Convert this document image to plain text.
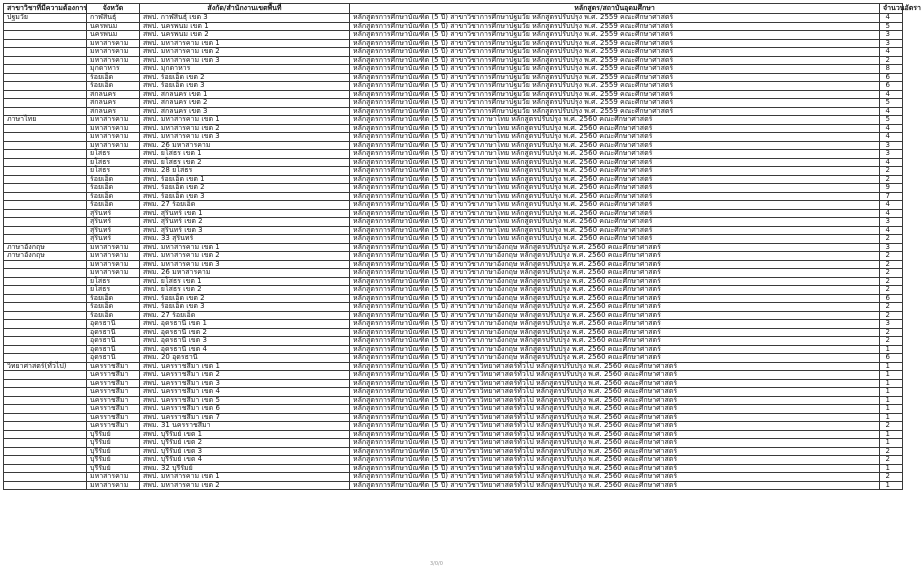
สาขาวิชาที่มีความต้องการ	จังหวัด	สังกัด/สำนักงานเขตพื้นที่	หลักสูตร/สถาบันอุดมศึกษา	จำนวนอัตรา
ปฐมวัย	กาฬสินธุ์	สพป. กาฬสินธุ์ เขต 3	หลักสูตรการศึกษาบัณฑิต (5 ปี) สาขาวิชาการศึกษาปฐมวัย หลักสูตรปรับปรุง พ.ศ. 2559 คณะศึกษาศาสตร์	4
	นครพนม	สพป. นครพนม เขต 1	หลักสูตรการศึกษาบัณฑิต (5 ปี) สาขาวิชาการศึกษาปฐมวัย หลักสูตรปรับปรุง พ.ศ. 2559 คณะศึกษาศาสตร์	5
	นครพนม	สพป. นครพนม เขต 2	หลักสูตรการศึกษาบัณฑิต (5 ปี) สาขาวิชาการศึกษาปฐมวัย หลักสูตรปรับปรุง พ.ศ. 2559 คณะศึกษาศาสตร์	3
	มหาสารคาม	สพป. มหาสารคาม เขต 1	หลักสูตรการศึกษาบัณฑิต (5 ปี) สาขาวิชาการศึกษาปฐมวัย หลักสูตรปรับปรุง พ.ศ. 2559 คณะศึกษาศาสตร์	3
	มหาสารคาม	สพป. มหาสารคาม เขต 2	หลักสูตรการศึกษาบัณฑิต (5 ปี) สาขาวิชาการศึกษาปฐมวัย หลักสูตรปรับปรุง พ.ศ. 2559 คณะศึกษาศาสตร์	4
	มหาสารคาม	สพป. มหาสารคาม เขต 3	หลักสูตรการศึกษาบัณฑิต (5 ปี) สาขาวิชาการศึกษาปฐมวัย หลักสูตรปรับปรุง พ.ศ. 2559 คณะศึกษาศาสตร์	2
	มุกดาหาร	สพป. มุกดาหาร	หลักสูตรการศึกษาบัณฑิต (5 ปี) สาขาวิชาการศึกษาปฐมวัย หลักสูตรปรับปรุง พ.ศ. 2559 คณะศึกษาศาสตร์	8
	ร้อยเอ็ด	สพป. ร้อยเอ็ด เขต 2	หลักสูตรการศึกษาบัณฑิต (5 ปี) สาขาวิชาการศึกษาปฐมวัย หลักสูตรปรับปรุง พ.ศ. 2559 คณะศึกษาศาสตร์	6
	ร้อยเอ็ด	สพป. ร้อยเอ็ด เขต 3	หลักสูตรการศึกษาบัณฑิต (5 ปี) สาขาวิชาการศึกษาปฐมวัย หลักสูตรปรับปรุง พ.ศ. 2559 คณะศึกษาศาสตร์	6
	สกลนคร	สพป. สกลนคร เขต 1	หลักสูตรการศึกษาบัณฑิต (5 ปี) สาขาวิชาการศึกษาปฐมวัย หลักสูตรปรับปรุง พ.ศ. 2559 คณะศึกษาศาสตร์	4
	สกลนคร	สพป. สกลนคร เขต 2	หลักสูตรการศึกษาบัณฑิต (5 ปี) สาขาวิชาการศึกษาปฐมวัย หลักสูตรปรับปรุง พ.ศ. 2559 คณะศึกษาศาสตร์	5
	สกลนคร	สพป. สกลนคร เขต 3	หลักสูตรการศึกษาบัณฑิต (5 ปี) สาขาวิชาการศึกษาปฐมวัย หลักสูตรปรับปรุง พ.ศ. 2559 คณะศึกษาศาสตร์	4
ภาษาไทย	มหาสารคาม	สพป. มหาสารคาม เขต 1	หลักสูตรการศึกษาบัณฑิต (5 ปี) สาขาวิชาภาษาไทย หลักสูตรปรับปรุง พ.ศ. 2560 คณะศึกษาศาสตร์	5
	มหาสารคาม	สพป. มหาสารคาม เขต 2	หลักสูตรการศึกษาบัณฑิต (5 ปี) สาขาวิชาภาษาไทย หลักสูตรปรับปรุง พ.ศ. 2560 คณะศึกษาศาสตร์	4
	มหาสารคาม	สพป. มหาสารคาม เขต 3	หลักสูตรการศึกษาบัณฑิต (5 ปี) สาขาวิชาภาษาไทย หลักสูตรปรับปรุง พ.ศ. 2560 คณะศึกษาศาสตร์	4
	มหาสารคาม	สพม. 26 มหาสารคาม	หลักสูตรการศึกษาบัณฑิต (5 ปี) สาขาวิชาภาษาไทย หลักสูตรปรับปรุง พ.ศ. 2560 คณะศึกษาศาสตร์	3
	ยโสธร	สพป. ยโสธร เขต 1	หลักสูตรการศึกษาบัณฑิต (5 ปี) สาขาวิชาภาษาไทย หลักสูตรปรับปรุง พ.ศ. 2560 คณะศึกษาศาสตร์	3
	ยโสธร	สพป. ยโสธร เขต 2	หลักสูตรการศึกษาบัณฑิต (5 ปี) สาขาวิชาภาษาไทย หลักสูตรปรับปรุง พ.ศ. 2560 คณะศึกษาศาสตร์	4
	ยโสธร	สพม. 28 ยโสธร	หลักสูตรการศึกษาบัณฑิต (5 ปี) สาขาวิชาภาษาไทย หลักสูตรปรับปรุง พ.ศ. 2560 คณะศึกษาศาสตร์	2
	ร้อยเอ็ด	สพป. ร้อยเอ็ด เขต 1	หลักสูตรการศึกษาบัณฑิต (5 ปี) สาขาวิชาภาษาไทย หลักสูตรปรับปรุง พ.ศ. 2560 คณะศึกษาศาสตร์	2
	ร้อยเอ็ด	สพป. ร้อยเอ็ด เขต 2	หลักสูตรการศึกษาบัณฑิต (5 ปี) สาขาวิชาภาษาไทย หลักสูตรปรับปรุง พ.ศ. 2560 คณะศึกษาศาสตร์	9
	ร้อยเอ็ด	สพป. ร้อยเอ็ด เขต 3	หลักสูตรการศึกษาบัณฑิต (5 ปี) สาขาวิชาภาษาไทย หลักสูตรปรับปรุง พ.ศ. 2560 คณะศึกษาศาสตร์	7
	ร้อยเอ็ด	สพม. 27 ร้อยเอ็ด	หลักสูตรการศึกษาบัณฑิต (5 ปี) สาขาวิชาภาษาไทย หลักสูตรปรับปรุง พ.ศ. 2560 คณะศึกษาศาสตร์	4
	สุรินทร์	สพป. สุรินทร์ เขต 1	หลักสูตรการศึกษาบัณฑิต (5 ปี) สาขาวิชาภาษาไทย หลักสูตรปรับปรุง พ.ศ. 2560 คณะศึกษาศาสตร์	4
	สุรินทร์	สพป. สุรินทร์ เขต 2	หลักสูตรการศึกษาบัณฑิต (5 ปี) สาขาวิชาภาษาไทย หลักสูตรปรับปรุง พ.ศ. 2560 คณะศึกษาศาสตร์	3
	สุรินทร์	สพป. สุรินทร์ เขต 3	หลักสูตรการศึกษาบัณฑิต (5 ปี) สาขาวิชาภาษาไทย หลักสูตรปรับปรุง พ.ศ. 2560 คณะศึกษาศาสตร์	4
	สุรินทร์	สพม. 33 สุรินทร์	หลักสูตรการศึกษาบัณฑิต (5 ปี) สาขาวิชาภาษาไทย หลักสูตรปรับปรุง พ.ศ. 2560 คณะศึกษาศาสตร์	2
ภาษาอังกฤษ	มหาสารคาม	สพป. มหาสารคาม เขต 1	หลักสูตรการศึกษาบัณฑิต (5 ปี) สาขาวิชาภาษาอังกฤษ หลักสูตรปรับปรุง พ.ศ. 2560 คณะศึกษาศาสตร์	3
ภาษาอังกฤษ	มหาสารคาม	สพป. มหาสารคาม เขต 2	หลักสูตรการศึกษาบัณฑิต (5 ปี) สาขาวิชาภาษาอังกฤษ หลักสูตรปรับปรุง พ.ศ. 2560 คณะศึกษาศาสตร์	2
	มหาสารคาม	สพป. มหาสารคาม เขต 3	หลักสูตรการศึกษาบัณฑิต (5 ปี) สาขาวิชาภาษาอังกฤษ หลักสูตรปรับปรุง พ.ศ. 2560 คณะศึกษาศาสตร์	2
	มหาสารคาม	สพม. 26 มหาสารคาม	หลักสูตรการศึกษาบัณฑิต (5 ปี) สาขาวิชาภาษาอังกฤษ หลักสูตรปรับปรุง พ.ศ. 2560 คณะศึกษาศาสตร์	2
	ยโสธร	สพป. ยโสธร เขต 1	หลักสูตรการศึกษาบัณฑิต (5 ปี) สาขาวิชาภาษาอังกฤษ หลักสูตรปรับปรุง พ.ศ. 2560 คณะศึกษาศาสตร์	2
	ยโสธร	สพป. ยโสธร เขต 2	หลักสูตรการศึกษาบัณฑิต (5 ปี) สาขาวิชาภาษาอังกฤษ หลักสูตรปรับปรุง พ.ศ. 2560 คณะศึกษาศาสตร์	2
	ร้อยเอ็ด	สพป. ร้อยเอ็ด เขต 2	หลักสูตรการศึกษาบัณฑิต (5 ปี) สาขาวิชาภาษาอังกฤษ หลักสูตรปรับปรุง พ.ศ. 2560 คณะศึกษาศาสตร์	6
	ร้อยเอ็ด	สพป. ร้อยเอ็ด เขต 3	หลักสูตรการศึกษาบัณฑิต (5 ปี) สาขาวิชาภาษาอังกฤษ หลักสูตรปรับปรุง พ.ศ. 2560 คณะศึกษาศาสตร์	2
	ร้อยเอ็ด	สพม. 27 ร้อยเอ็ด	หลักสูตรการศึกษาบัณฑิต (5 ปี) สาขาวิชาภาษาอังกฤษ หลักสูตรปรับปรุง พ.ศ. 2560 คณะศึกษาศาสตร์	2
	อุดรธานี	สพป. อุดรธานี เขต 1	หลักสูตรการศึกษาบัณฑิต (5 ปี) สาขาวิชาภาษาอังกฤษ หลักสูตรปรับปรุง พ.ศ. 2560 คณะศึกษาศาสตร์	3
	อุดรธานี	สพป. อุดรธานี เขต 2	หลักสูตรการศึกษาบัณฑิต (5 ปี) สาขาวิชาภาษาอังกฤษ หลักสูตรปรับปรุง พ.ศ. 2560 คณะศึกษาศาสตร์	2
	อุดรธานี	สพป. อุดรธานี เขต 3	หลักสูตรการศึกษาบัณฑิต (5 ปี) สาขาวิชาภาษาอังกฤษ หลักสูตรปรับปรุง พ.ศ. 2560 คณะศึกษาศาสตร์	2
	อุดรธานี	สพป. อุดรธานี เขต 4	หลักสูตรการศึกษาบัณฑิต (5 ปี) สาขาวิชาภาษาอังกฤษ หลักสูตรปรับปรุง พ.ศ. 2560 คณะศึกษาศาสตร์	1
	อุดรธานี	สพม. 20 อุดรธานี	หลักสูตรการศึกษาบัณฑิต (5 ปี) สาขาวิชาภาษาอังกฤษ หลักสูตรปรับปรุง พ.ศ. 2560 คณะศึกษาศาสตร์	6
วิทยาศาสตร์(ทั่วไป)	นครราชสีมา	สพป. นครราชสีมา เขต 1	หลักสูตรการศึกษาบัณฑิต (5 ปี) สาขาวิชาวิทยาศาสตร์ทั่วไป หลักสูตรปรับปรุง พ.ศ. 2560 คณะศึกษาศาสตร์	1
	นครราชสีมา	สพป. นครราชสีมา เขต 2	หลักสูตรการศึกษาบัณฑิต (5 ปี) สาขาวิชาวิทยาศาสตร์ทั่วไป หลักสูตรปรับปรุง พ.ศ. 2560 คณะศึกษาศาสตร์	1
	นครราชสีมา	สพป. นครราชสีมา เขต 3	หลักสูตรการศึกษาบัณฑิต (5 ปี) สาขาวิชาวิทยาศาสตร์ทั่วไป หลักสูตรปรับปรุง พ.ศ. 2560 คณะศึกษาศาสตร์	1
	นครราชสีมา	สพป. นครราชสีมา เขต 4	หลักสูตรการศึกษาบัณฑิต (5 ปี) สาขาวิชาวิทยาศาสตร์ทั่วไป หลักสูตรปรับปรุง พ.ศ. 2560 คณะศึกษาศาสตร์	1
	นครราชสีมา	สพป. นครราชสีมา เขต 5	หลักสูตรการศึกษาบัณฑิต (5 ปี) สาขาวิชาวิทยาศาสตร์ทั่วไป หลักสูตรปรับปรุง พ.ศ. 2560 คณะศึกษาศาสตร์	1
	นครราชสีมา	สพป. นครราชสีมา เขต 6	หลักสูตรการศึกษาบัณฑิต (5 ปี) สาขาวิชาวิทยาศาสตร์ทั่วไป หลักสูตรปรับปรุง พ.ศ. 2560 คณะศึกษาศาสตร์	1
	นครราชสีมา	สพป. นครราชสีมา เขต 7	หลักสูตรการศึกษาบัณฑิต (5 ปี) สาขาวิชาวิทยาศาสตร์ทั่วไป หลักสูตรปรับปรุง พ.ศ. 2560 คณะศึกษาศาสตร์	1
	นครราชสีมา	สพม. 31 นครราชสีมา	หลักสูตรการศึกษาบัณฑิต (5 ปี) สาขาวิชาวิทยาศาสตร์ทั่วไป หลักสูตรปรับปรุง พ.ศ. 2560 คณะศึกษาศาสตร์	2
	บุรีรัมย์	สพป. บุรีรัมย์ เขต 1	หลักสูตรการศึกษาบัณฑิต (5 ปี) สาขาวิชาวิทยาศาสตร์ทั่วไป หลักสูตรปรับปรุง พ.ศ. 2560 คณะศึกษาศาสตร์	1
	บุรีรัมย์	สพป. บุรีรัมย์ เขต 2	หลักสูตรการศึกษาบัณฑิต (5 ปี) สาขาวิชาวิทยาศาสตร์ทั่วไป หลักสูตรปรับปรุง พ.ศ. 2560 คณะศึกษาศาสตร์	1
	บุรีรัมย์	สพป. บุรีรัมย์ เขต 3	หลักสูตรการศึกษาบัณฑิต (5 ปี) สาขาวิชาวิทยาศาสตร์ทั่วไป หลักสูตรปรับปรุง พ.ศ. 2560 คณะศึกษาศาสตร์	2
	บุรีรัมย์	สพป. บุรีรัมย์ เขต 4	หลักสูตรการศึกษาบัณฑิต (5 ปี) สาขาวิชาวิทยาศาสตร์ทั่วไป หลักสูตรปรับปรุง พ.ศ. 2560 คณะศึกษาศาสตร์	2
	บุรีรัมย์	สพม. 32 บุรีรัมย์	หลักสูตรการศึกษาบัณฑิต (5 ปี) สาขาวิชาวิทยาศาสตร์ทั่วไป หลักสูตรปรับปรุง พ.ศ. 2560 คณะศึกษาศาสตร์	1
	มหาสารคาม	สพป. มหาสารคาม เขต 1	หลักสูตรการศึกษาบัณฑิต (5 ปี) สาขาวิชาวิทยาศาสตร์ทั่วไป หลักสูตรปรับปรุง พ.ศ. 2560 คณะศึกษาศาสตร์	2
	มหาสารคาม	สพป. มหาสารคาม เขต 2	หลักสูตรการศึกษาบัณฑิต (5 ปี) สาขาวิชาวิทยาศาสตร์ทั่วไป หลักสูตรปรับปรุง พ.ศ. 2560 คณะศึกษาศาสตร์	1
3/0/0
